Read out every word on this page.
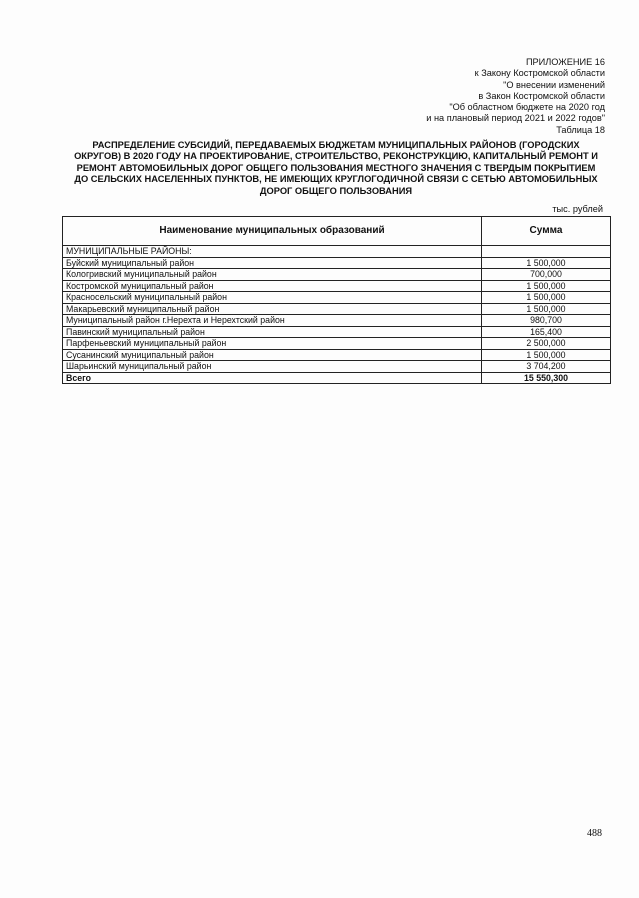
ПРИЛОЖЕНИЕ 16
к Закону Костромской области
"О внесении изменений
в Закон Костромской области
"Об областном бюджете на 2020 год
и на плановый период 2021 и 2022 годов"
Таблица 18
РАСПРЕДЕЛЕНИЕ СУБСИДИЙ, ПЕРЕДАВАЕМЫХ БЮДЖЕТАМ МУНИЦИПАЛЬНЫХ РАЙОНОВ (ГОРОДСКИХ
ОКРУГОВ) В 2020 ГОДУ НА ПРОЕКТИРОВАНИЕ, СТРОИТЕЛЬСТВО, РЕКОНСТРУКЦИЮ, КАПИТАЛЬНЫЙ РЕМОНТ И
РЕМОНТ АВТОМОБИЛЬНЫХ ДОРОГ ОБЩЕГО ПОЛЬЗОВАНИЯ МЕСТНОГО ЗНАЧЕНИЯ С ТВЕРДЫМ ПОКРЫТИЕМ
ДО СЕЛЬСКИХ НАСЕЛЕННЫХ ПУНКТОВ, НЕ ИМЕЮЩИХ КРУГЛОГОДИЧНОЙ СВЯЗИ С СЕТЬЮ АВТОМОБИЛЬНЫХ
ДОРОГ ОБЩЕГО ПОЛЬЗОВАНИЯ
тыс. рублей
Наименование муниципальных образований	Сумма
МУНИЦИПАЛЬНЫЕ РАЙОНЫ:	
Буйский муниципальный район	1 500,000
Кологривский муниципальный район	700,000
Костромской муниципальный район	1 500,000
Красносельский муниципальный район	1 500,000
Макарьевский муниципальный район	1 500,000
Муниципальный район г.Нерехта и Нерехтский район	980,700
Павинский муниципальный район	165,400
Парфеньевский муниципальный район	2 500,000
Сусанинский муниципальный район	1 500,000
Шарьинский муниципальный район	3 704,200
Всего	15 550,300
488
